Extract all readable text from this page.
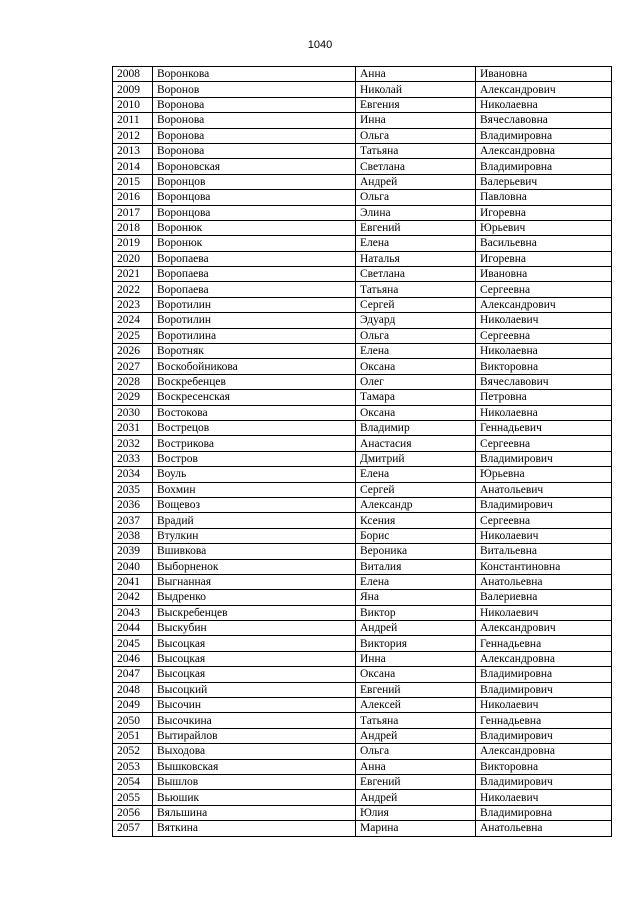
1040
2008	Воронкова	Анна	Ивановна
2009	Воронов	Николай	Александрович
2010	Воронова	Евгения	Николаевна
2011	Воронова	Инна	Вячеславовна
2012	Воронова	Ольга	Владимировна
2013	Воронова	Татьяна	Александровна
2014	Вороновская	Светлана	Владимировна
2015	Воронцов	Андрей	Валерьевич
2016	Воронцова	Ольга	Павловна
2017	Воронцова	Элина	Игоревна
2018	Воронюк	Евгений	Юрьевич
2019	Воронюк	Елена	Васильевна
2020	Воропаева	Наталья	Игоревна
2021	Воропаева	Светлана	Ивановна
2022	Воропаева	Татьяна	Сергеевна
2023	Воротилин	Сергей	Александрович
2024	Воротилин	Эдуард	Николаевич
2025	Воротилина	Ольга	Сергеевна
2026	Воротняк	Елена	Николаевна
2027	Воскобойникова	Оксана	Викторовна
2028	Воскребенцев	Олег	Вячеславович
2029	Воскресенская	Тамара	Петровна
2030	Востокова	Оксана	Николаевна
2031	Вострецов	Владимир	Геннадьевич
2032	Вострикова	Анастасия	Сергеевна
2033	Востров	Дмитрий	Владимирович
2034	Воуль	Елена	Юрьевна
2035	Вохмин	Сергей	Анатольевич
2036	Вощевоз	Александр	Владимирович
2037	Врадий	Ксения	Сергеевна
2038	Втулкин	Борис	Николаевич
2039	Вшивкова	Вероника	Витальевна
2040	Выборненок	Виталия	Константиновна
2041	Выгнанная	Елена	Анатольевна
2042	Выдренко	Яна	Валериевна
2043	Выскребенцев	Виктор	Николаевич
2044	Выскубин	Андрей	Александрович
2045	Высоцкая	Виктория	Геннадьевна
2046	Высоцкая	Инна	Александровна
2047	Высоцкая	Оксана	Владимировна
2048	Высоцкий	Евгений	Владимирович
2049	Высочин	Алексей	Николаевич
2050	Высочкина	Татьяна	Геннадьевна
2051	Вытирайлов	Андрей	Владимирович
2052	Выходова	Ольга	Александровна
2053	Вышковская	Анна	Викторовна
2054	Вышлов	Евгений	Владимирович
2055	Вьюшик	Андрей	Николаевич
2056	Вяльшина	Юлия	Владимировна
2057	Вяткина	Марина	Анатольевна
